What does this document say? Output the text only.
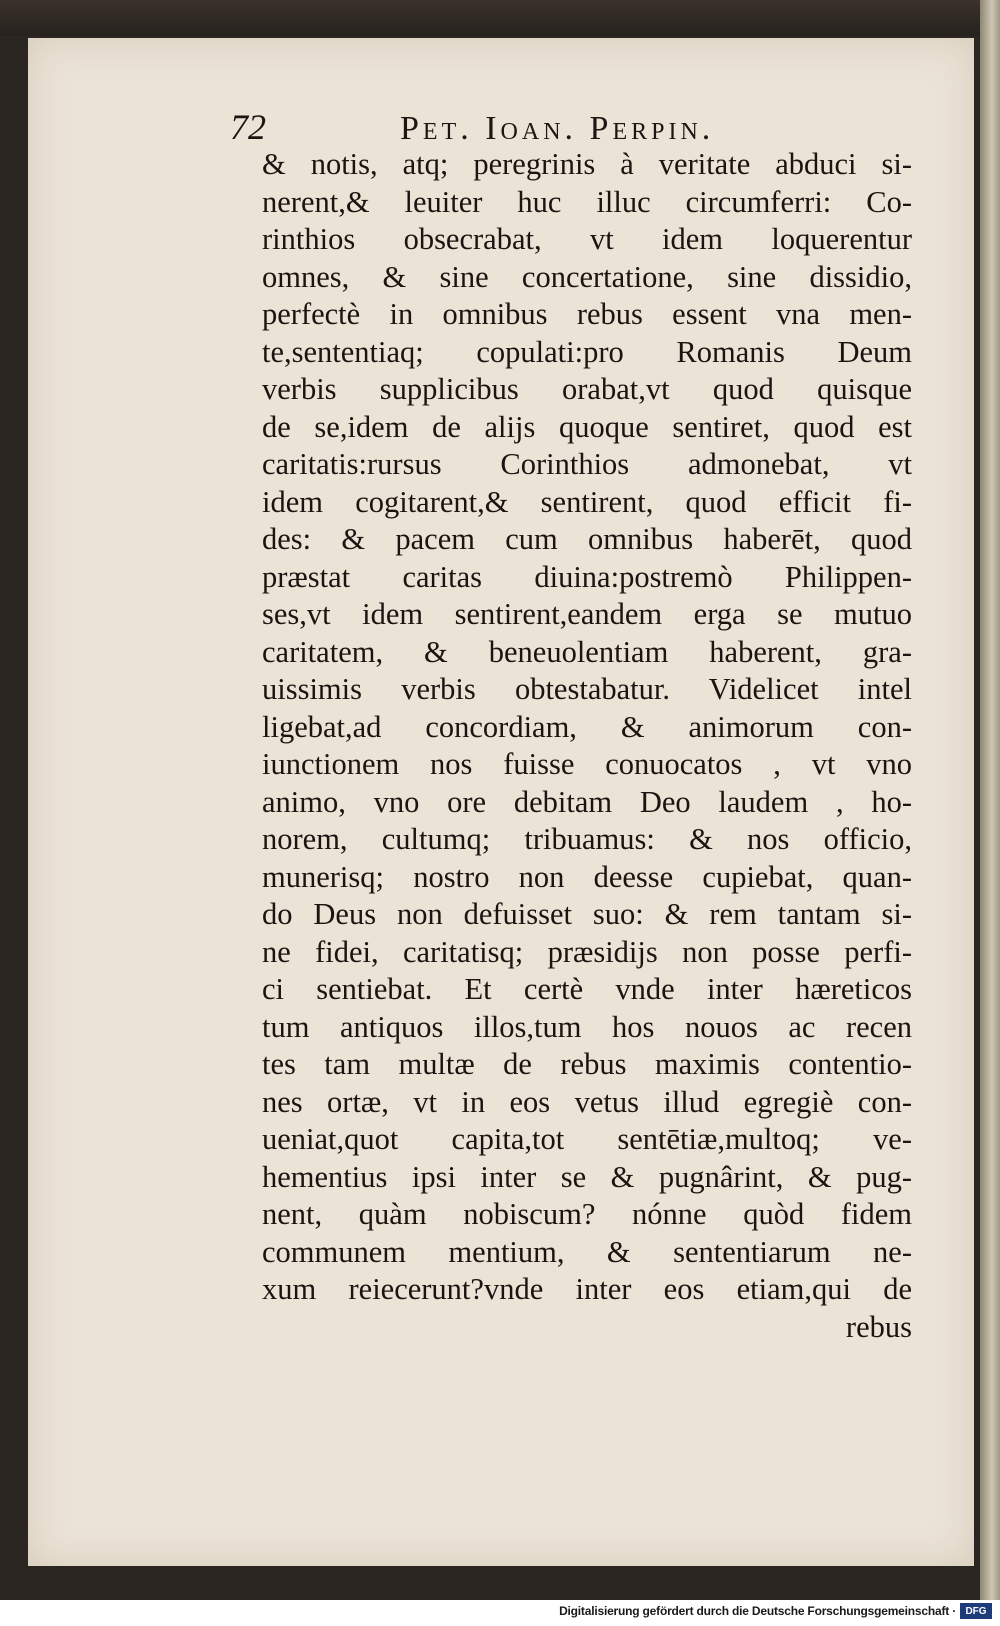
72	Pet. Ioan. Perpin.
& notis, atq; peregrinis à veritate abduci si-
nerent,& leuiter huc illuc circumferri: Co-
rinthios obsecrabat, vt idem loquerentur
omnes, & sine concertatione, sine dissidio,
perfectè in omnibus rebus essent vna men-
te,sententiaq; copulati:pro Romanis Deum
verbis supplicibus orabat,vt quod quisque
de se,idem de alijs quoque sentiret, quod est
caritatis:rursus Corinthios admonebat, vt
idem cogitarent,& sentirent, quod efficit fi-
des: & pacem cum omnibus haberēt, quod
præstat caritas diuina:postremò Philippen-
ses,vt idem sentirent,eandem erga se mutuo
caritatem, & beneuolentiam haberent, gra-
uissimis verbis obtestabatur. Videlicet intel
ligebat,ad concordiam, & animorum con-
iunctionem nos fuisse conuocatos , vt vno
animo, vno ore debitam Deo laudem , ho-
norem, cultumq; tribuamus: & nos officio,
munerisq; nostro non deesse cupiebat, quan-
do Deus non defuisset suo: & rem tantam si-
ne fidei, caritatisq; præsidijs non posse perfi-
ci sentiebat. Et certè vnde inter hæreticos
tum antiquos illos,tum hos nouos ac recen
tes tam multæ de rebus maximis contentio-
nes ortæ, vt in eos vetus illud egregiè con-
ueniat,quot capita,tot sentētiæ,multoq; ve-
hementius ipsi inter se & pugnârint, & pug-
nent, quàm nobiscum? nónne quòd fidem
communem mentium, & sententiarum ne-
xum reiecerunt?vnde inter eos etiam,qui de
rebus
Digitalisierung gefördert durch die Deutsche Forschungsgemeinschaft · DFG
